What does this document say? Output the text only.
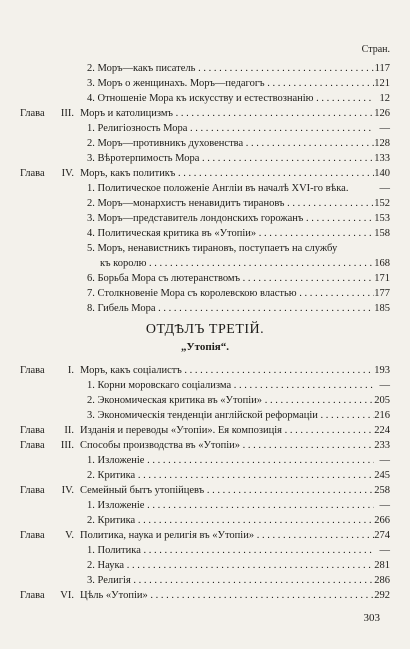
Стран.
2. Моръ—какъ писатель . . .	117
3. Моръ о женщинахъ. Моръ—педагогъ . . .	121
4. Отношеніе Мора къ искусству и естествознанію . . .	12
Глава III. Моръ и католицизмъ . . .	126
1. Религіозность Мора . . .	—
2. Моръ—противникъ духовенства . . .	128
3. Вѣротерпимость Мора . . .	133
Глава IV. Моръ, какъ политикъ . . .	140
1. Политическое положеніе Англіи въ началѣ XVI-го вѣка.	—
2. Моръ—монархистъ ненавидитъ тирановъ . . .	152
3. Моръ—представитель лондонскихъ горожанъ . . .	153
4. Политическая критика въ «Утопіи» . . .	158
5. Моръ, ненавистникъ тирановъ, поступаетъ на службу
къ королю . . .	168
6. Борьба Мора съ лютеранствомъ . . .	171
7. Столкновеніе Мора съ королевскою властью . . .	177
8. Гибель Мора . . .	185
ОТДѢЛЪ ТРЕТІЙ.
„Утопія“.
Глава	I. Моръ, какъ соціалистъ . . .	193
1. Корни моровскаго соціализма . . .	—
2. Экономическая критика въ «Утопіи» . . .	205
3. Экономическія тенденціи англійской реформаціи . . .	216
Глава	II. Изданія и переводы «Утопіи». Ея композиція . . .	224
Глава III. Способы производства въ «Утопіи» . . .	233
1. Изложеніе . . .	—
2. Критика . . .	245
Глава IV. Семейный бытъ утопійцевъ . . .	258
1. Изложеніе . . .	—
2. Критика . . .	266
Глава	V. Политика, наука и религія въ «Утопіи» . . .	274
1. Политика . . .	—
2. Наука . . .	281
3. Религія . . .	286
Глава VI. Цѣль «Утопіи» . . .	292
303
